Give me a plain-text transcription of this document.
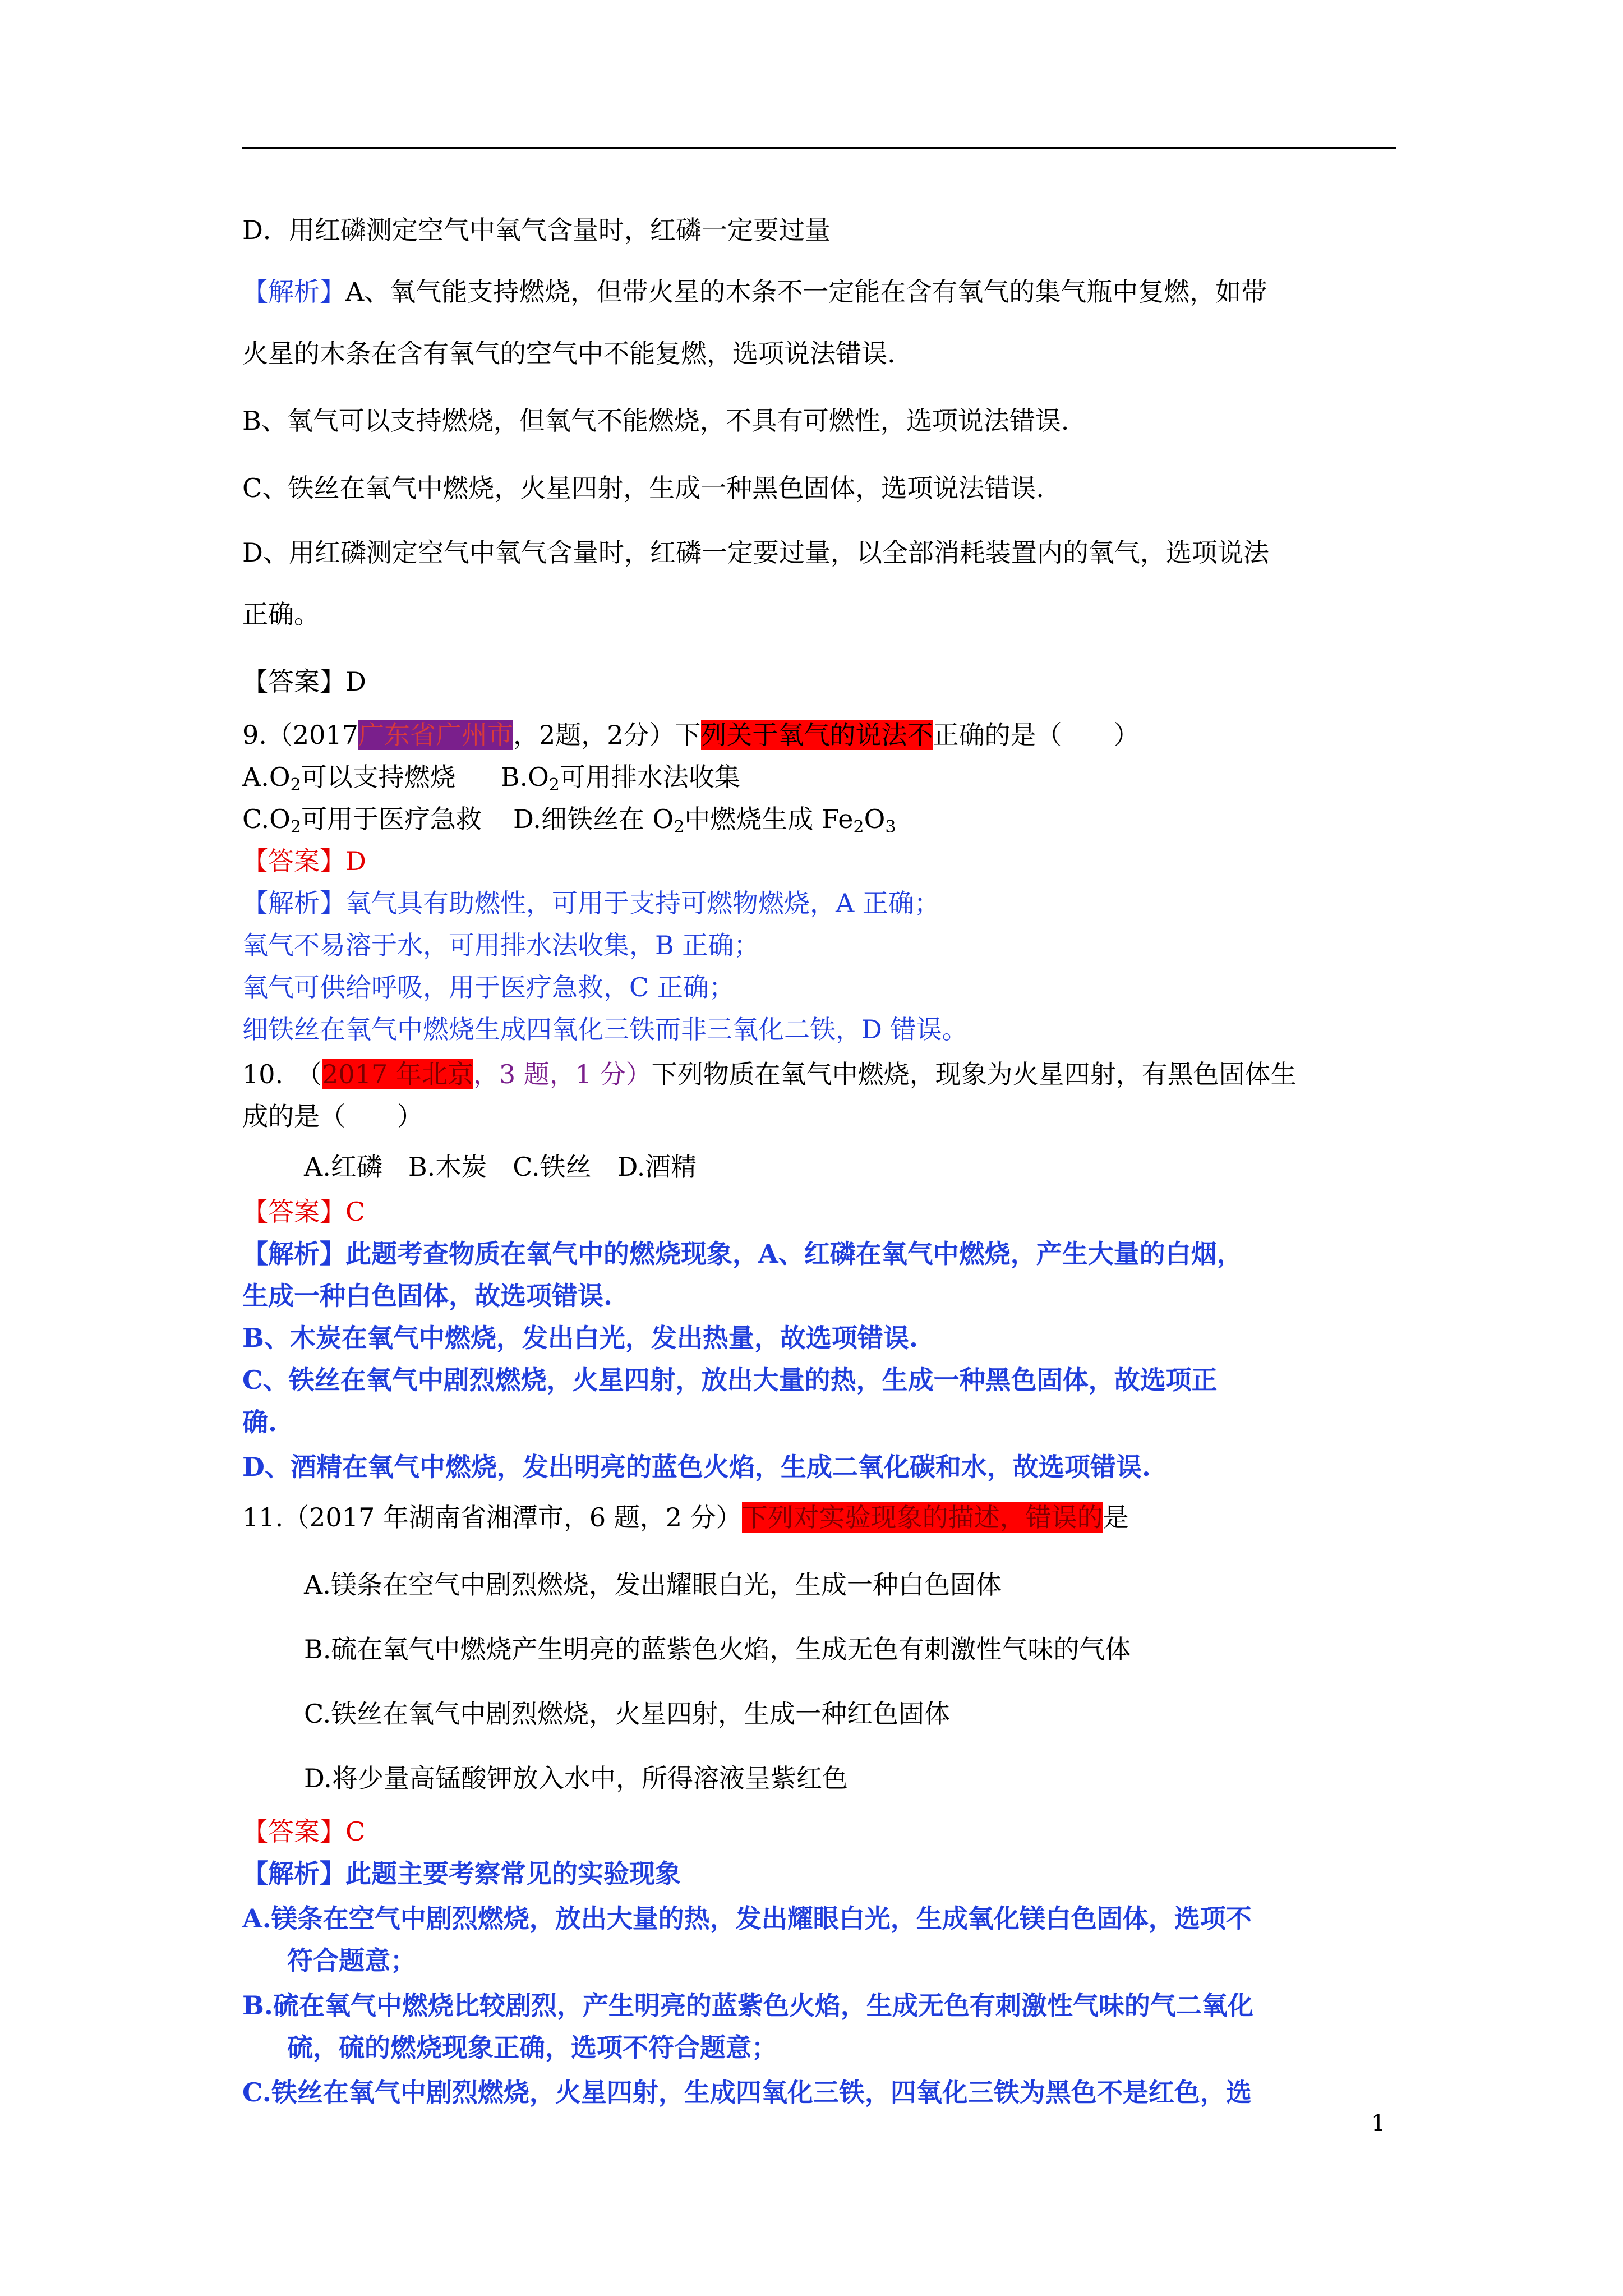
D．用红磷测定空气中氧气含量时，红磷一定要过量
【解析】A、氧气能支持燃烧，但带火星的木条不一定能在含有氧气的集气瓶中复燃，如带
火星的木条在含有氧气的空气中不能复燃，选项说法错误.
B、氧气可以支持燃烧，但氧气不能燃烧，不具有可燃性，选项说法错误.
C、铁丝在氧气中燃烧，火星四射，生成一种黑色固体，选项说法错误.
D、用红磷测定空气中氧气含量时，红磷一定要过量，以全部消耗装置内的氧气，选项说法
正确。
【答案】D
9.（2017广东省广州市，2题，2分）下列关于氧气的说法不正确的是（　　）
$A.O_2$可以支持燃烧 $B.O_2$可用排水法收集
$C.O_2$可用于医疗急救 D.细铁丝在 $O_2$中燃烧生成 $Fe_2O_3$
【答案】D
【解析】氧气具有助燃性，可用于支持可燃物燃烧，A 正确；
氧气不易溶于水，可用排水法收集，B 正确；
氧气可供给呼吸，用于医疗急救，C 正确；
细铁丝在氧气中燃烧生成四氧化三铁而非三氧化二铁，D 错误。
10.　（2017 年北京，3 题，1 分）下列物质在氧气中燃烧，现象为火星四射，有黑色固体生
成的是（　　）
A.红磷　B.木炭　C.铁丝　D.酒精
【答案】C
【解析】此题考查物质在氧气中的燃烧现象，A、红磷在氧气中燃烧，产生大量的白烟，
生成一种白色固体，故选项错误.
B、木炭在氧气中燃烧，发出白光，发出热量，故选项错误.
C、铁丝在氧气中剧烈燃烧，火星四射，放出大量的热，生成一种黑色固体，故选项正
确.
D、酒精在氧气中燃烧，发出明亮的蓝色火焰，生成二氧化碳和水，故选项错误.
11.（2017 年湖南省湘潭市，6 题，2 分）下列对实验现象的描述，错误的是
A.镁条在空气中剧烈燃烧，发出耀眼白光，生成一种白色固体
B.硫在氧气中燃烧产生明亮的蓝紫色火焰，生成无色有刺激性气味的气体
C.铁丝在氧气中剧烈燃烧，火星四射，生成一种红色固体
D.将少量高锰酸钾放入水中，所得溶液呈紫红色
【答案】C
【解析】此题主要考察常见的实验现象
A.镁条在空气中剧烈燃烧，放出大量的热，发出耀眼白光，生成氧化镁白色固体，选项不
符合题意；
B.硫在氧气中燃烧比较剧烈，产生明亮的蓝紫色火焰，生成无色有刺激性气味的气二氧化
硫，硫的燃烧现象正确，选项不符合题意；
C.铁丝在氧气中剧烈燃烧，火星四射，生成四氧化三铁，四氧化三铁为黑色不是红色，选
1
